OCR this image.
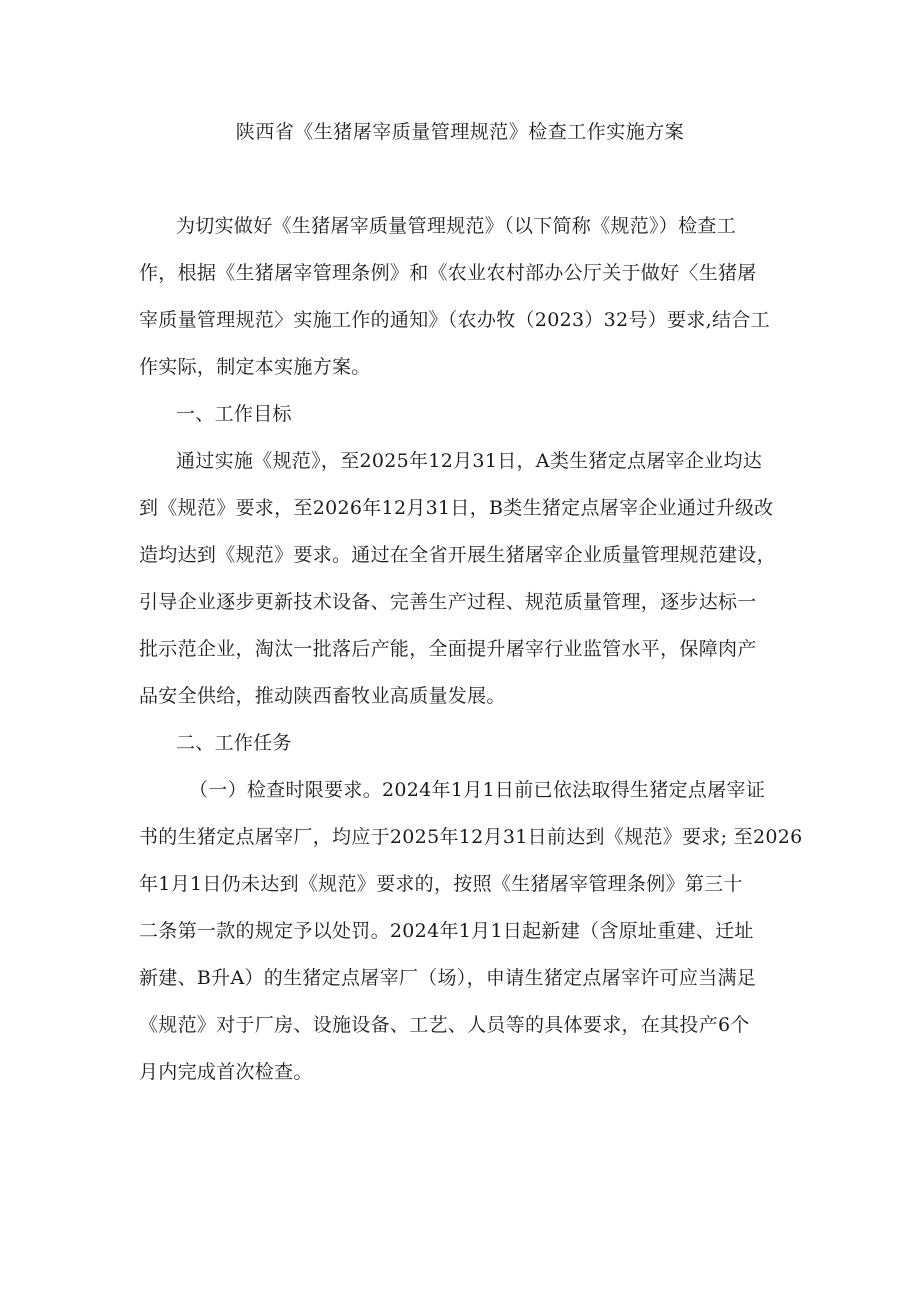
陕西省《生猪屠宰质量管理规范》检查工作实施方案
为切实做好《生猪屠宰质量管理规范》（以下简称《规范》）检查工
作，根据《生猪屠宰管理条例》和《农业农村部办公厅关于做好〈生猪屠
宰质量管理规范〉实施工作的通知》（农办牧（2023）32号）要求,结合工
作实际，制定本实施方案。
一、工作目标
通过实施《规范》，至2025年12月31日，A类生猪定点屠宰企业均达
到《规范》要求，至2026年12月31日，B类生猪定点屠宰企业通过升级改
造均达到《规范》要求。通过在全省开展生猪屠宰企业质量管理规范建设，
引导企业逐步更新技术设备、完善生产过程、规范质量管理，逐步达标一
批示范企业，淘汰一批落后产能，全面提升屠宰行业监管水平，保障肉产
品安全供给，推动陕西畜牧业高质量发展。
二、工作任务
（一）检查时限要求。2024年1月1日前已依法取得生猪定点屠宰证
书的生猪定点屠宰厂，均应于2025年12月31日前达到《规范》要求; 至2026
年1月1日仍未达到《规范》要求的，按照《生猪屠宰管理条例》第三十
二条第一款的规定予以处罚。2024年1月1日起新建（含原址重建、迁址
新建、B升A）的生猪定点屠宰厂（场），申请生猪定点屠宰许可应当满足
《规范》对于厂房、设施设备、工艺、人员等的具体要求，在其投产6个
月内完成首次检查。
